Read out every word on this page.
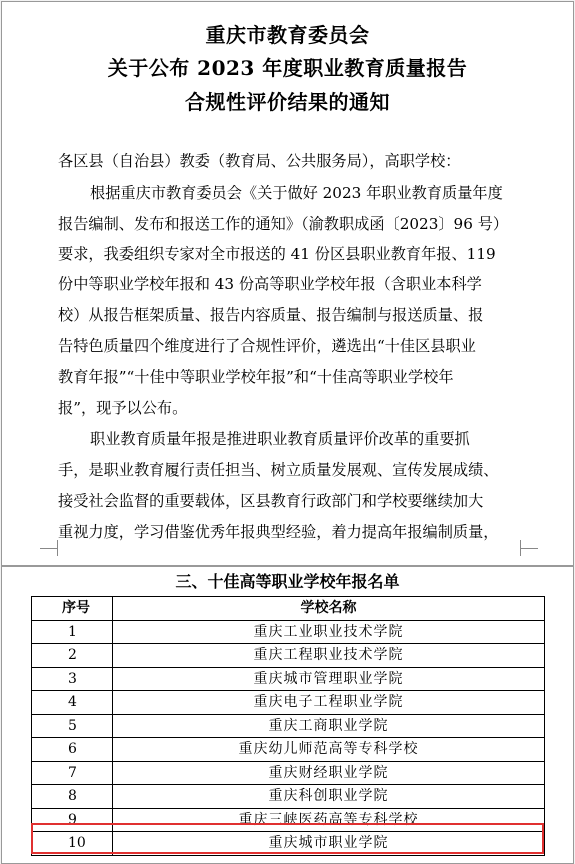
重庆市教育委员会
关于公布 2023 年度职业教育质量报告
合规性评价结果的通知
各区县（自治县）教委（教育局、公共服务局），高职学校：
根据重庆市教育委员会《关于做好 2023 年职业教育质量年度
报告编制、发布和报送工作的通知》（渝教职成函〔2023〕96 号）
要求，我委组织专家对全市报送的 41 份区县职业教育年报、119
份中等职业学校年报和 43 份高等职业学校年报（含职业本科学
校）从报告框架质量、报告内容质量、报告编制与报送质量、报
告特色质量四个维度进行了合规性评价，遴选出“十佳区县职业
教育年报”“十佳中等职业学校年报”和“十佳高等职业学校年
报”，现予以公布。
职业教育质量年报是推进职业教育质量评价改革的重要抓
手，是职业教育履行责任担当、树立质量发展观、宣传发展成绩、
接受社会监督的重要载体，区县教育行政部门和学校要继续加大
重视力度，学习借鉴优秀年报典型经验，着力提高年报编制质量，
三、十佳高等职业学校年报名单
序号	学校名称
1	重庆工业职业技术学院
2	重庆工程职业技术学院
3	重庆城市管理职业学院
4	重庆电子工程职业学院
5	重庆工商职业学院
6	重庆幼儿师范高等专科学校
7	重庆财经职业学院
8	重庆科创职业学院
9	重庆三峡医药高等专科学校
10	重庆城市职业学院
